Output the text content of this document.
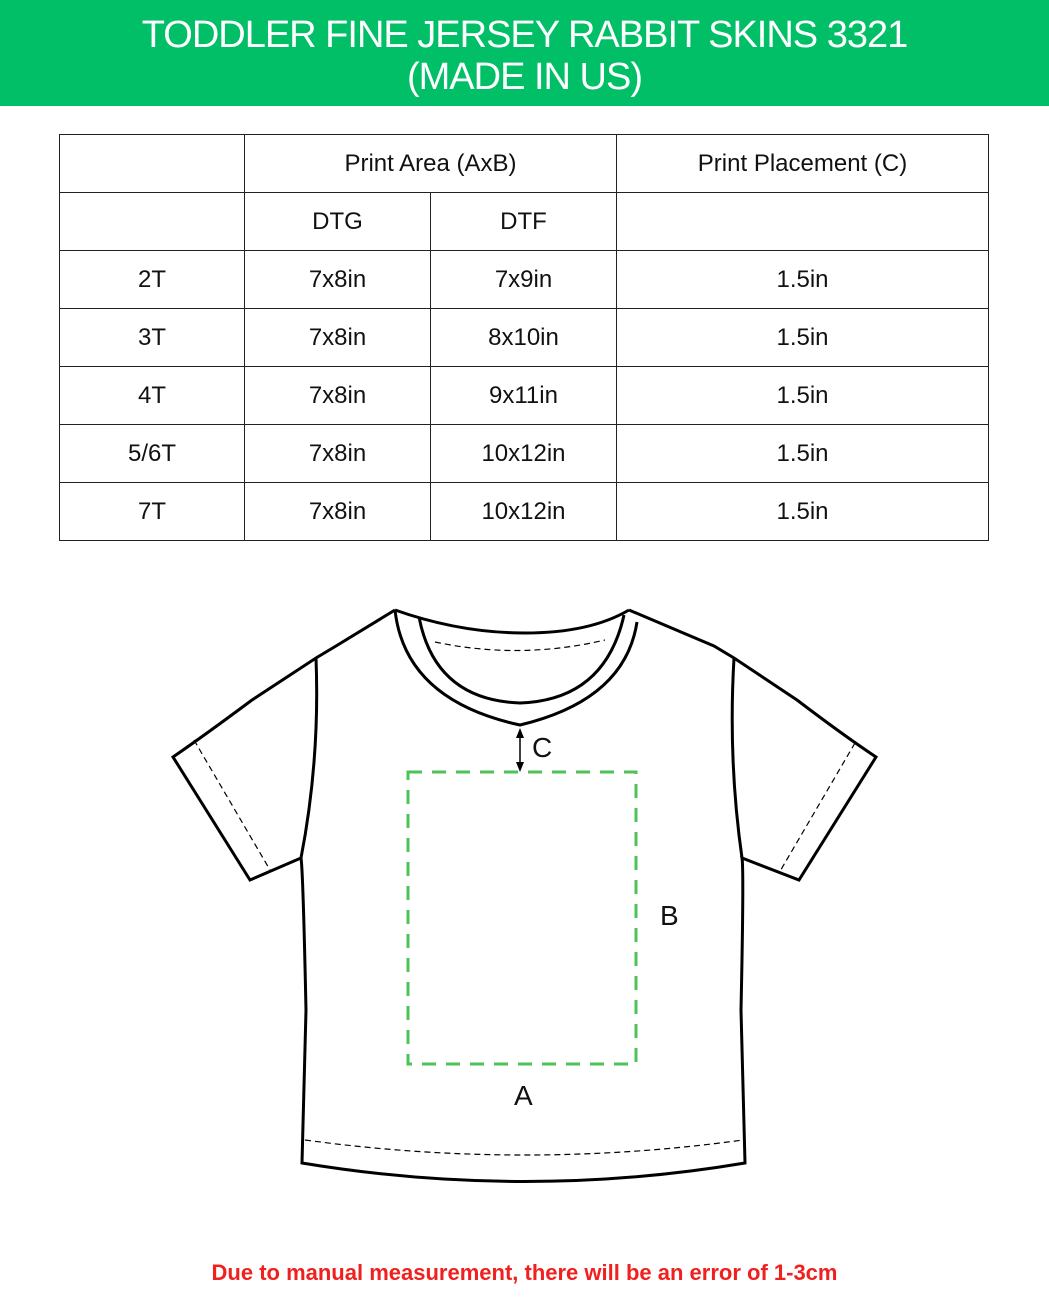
TODDLER FINE JERSEY RABBIT SKINS 3321
(MADE IN US)
	Print Area (AxB)		Print Placement (C)
	DTG	DTF	
2T	7x8in	7x9in	1.5in
3T	7x8in	8x10in	1.5in
4T	7x8in	9x11in	1.5in
5/6T	7x8in	10x12in	1.5in
7T	7x8in	10x12in	1.5in
C
B
A
Due to manual measurement, there will be an error of 1-3cm
